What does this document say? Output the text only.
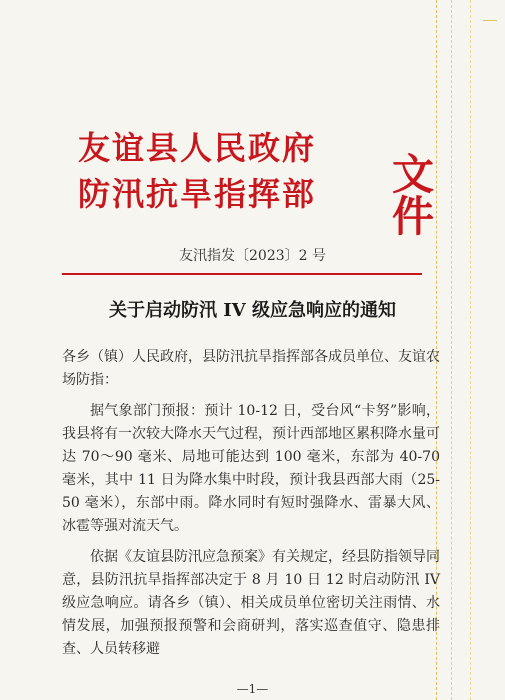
友谊县人民政府
防汛抗旱指挥部 文件
友汛指发〔2023〕2 号
关于启动防汛 IV 级应急响应的通知

各乡（镇）人民政府，县防汛抗旱指挥部各成员单位、友谊农场防指：

据气象部门预报：预计 10-12 日，受台风“卡努”影响，我县将有一次较大降水天气过程，预计西部地区累积降水量可达 70～90 毫米、局地可能达到 100 毫米，东部为 40-70 毫米，其中 11 日为降水集中时段，预计我县西部大雨（25-50 毫米），东部中雨。降水同时有短时强降水、雷暴大风、冰雹等强对流天气。

依据《友谊县防汛应急预案》有关规定，经县防指领导同意，县防汛抗旱指挥部决定于 8 月 10 日 12 时启动防汛 IV 级应急响应。请各乡（镇）、相关成员单位密切关注雨情、水情发展，加强预报预警和会商研判，落实巡查值守、隐患排查、人员转移避

—1—
